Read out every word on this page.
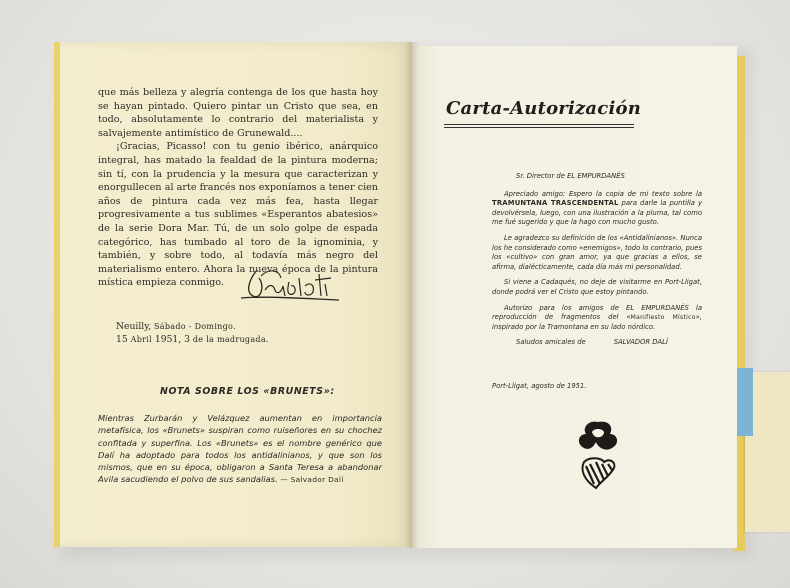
que más belleza y alegría contenga de los que hasta hoy se hayan pintado. Quiero pintar un Cristo que sea, en todo, absolutamente lo contrario del materialista y salvajemente antimístico de Grunewald....

¡Gracias, Picasso! con tu genio ibérico, anárquico integral, has matado la fealdad de la pintura moderna; sin tí, con la prudencia y la mesura que caracterizan y enorgullecen al arte francés nos exponíamos a tener cien años de pintura cada vez más fea, hasta llegar progresivamente a tus sublimes «Esperantos abatesios» de la serie Dora Mar. Tú, de un solo golpe de espada categórico, has tumbado al toro de la ignominia, y también, y sobre todo, al todavía más negro del materialismo entero. Ahora la nueva época de la pintura mística empieza conmigo.

Neuilly, Sábado - Domingo.
15 Abril 1951, 3 de la madrugada.
NOTA SOBRE LOS «BRUNETS»:
Mientras Zurbarán y Velázquez aumentan en importancia metafísica, los «Brunets» suspiran como ruiseñores en su chochez confitada y superfina. Los «Brunets» es el nombre genérico que Dalí ha adoptado para todos los antidalinianos, y que son los mismos, que en su época, obligaron a Santa Teresa a abandonar Avila sacudiendo el polvo de sus sandalias. — Salvador Dalí
Carta-Autorización
Sr. Director de EL EMPURDANÉS

Apreciado amigo: Espero la copia de mi texto sobre la TRAMUNTANA TRASCENDENTAL para darle la puntilla y devolvérsela, luego, con una ilustración a la pluma, tal como me fué sugerido y que la hago con mucho gusto.

Le agradezco su definición de los «Antidalinianos». Nunca los he considerado como «enemigos», todo lo contrario, pues los «cultivo» con gran amor, ya que gracias a ellos, se afirma, dialécticamente, cada día más mi personalidad.

Si viene a Cadaqués, no deje de visitarme en Port-Lligat, donde podrá ver el Cristo que estoy pintando.

Autorizo para los amigos de EL EMPURDANÉS la reproducción de fragmentos del «Manifiesto Místico», inspirado por la Tramontana en su lado nórdico.

Saludos amicales de	SALVADOR DALÍ
Port-Lligat, agosto de 1951.
